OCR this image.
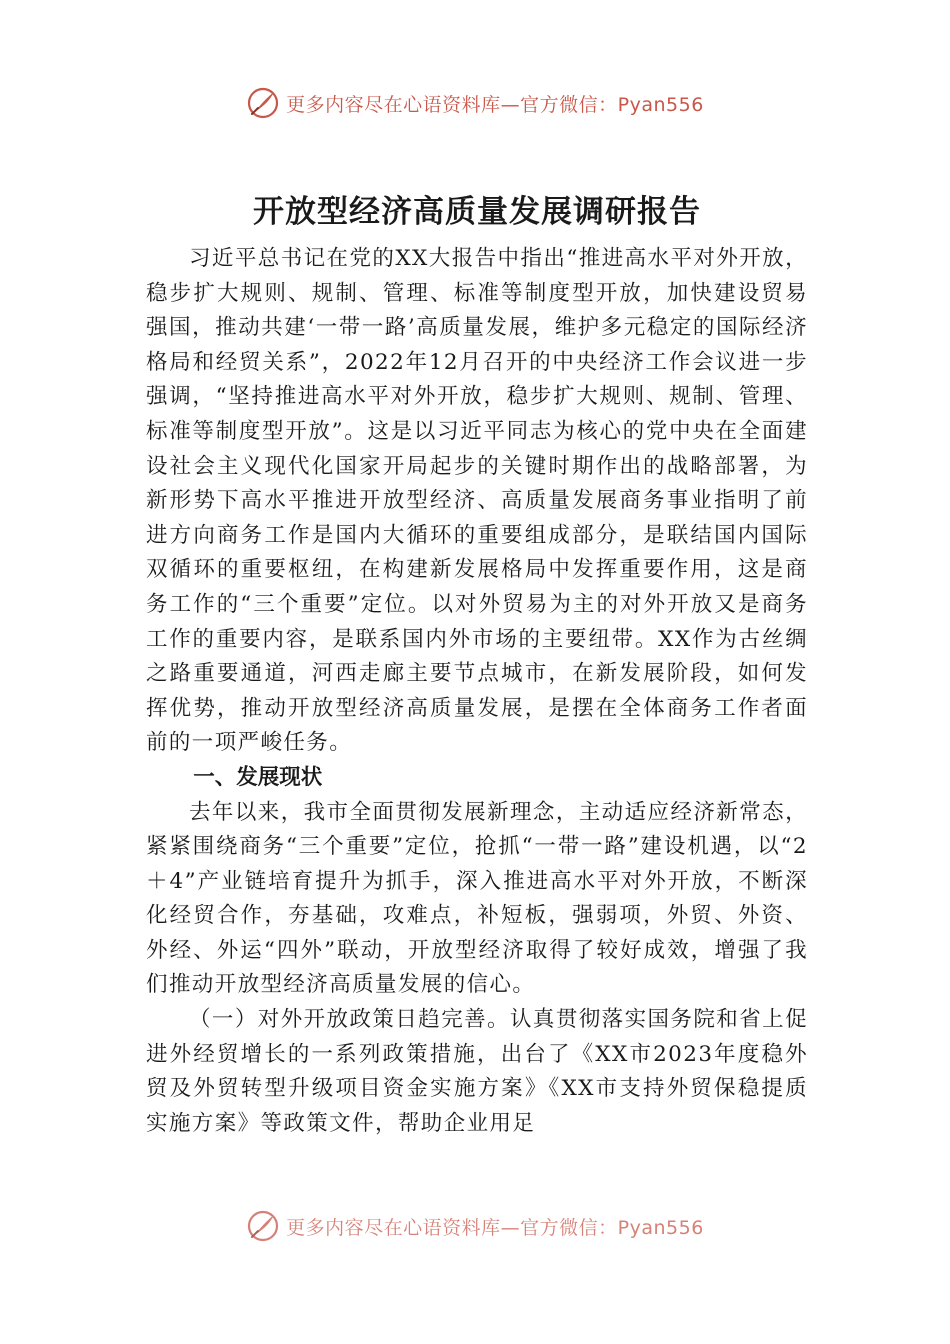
更多内容尽在心语资料库—官方微信：Pyan556
开放型经济高质量发展调研报告

习近平总书记在党的XX大报告中指出“推进高水平对外开放，稳步扩大规则、规制、管理、标准等制度型开放，加快建设贸易强国，推动共建‘一带一路’高质量发展，维护多元稳定的国际经济格局和经贸关系”，2022年12月召开的中央经济工作会议进一步强调，“坚持推进高水平对外开放，稳步扩大规则、规制、管理、标准等制度型开放”。这是以习近平同志为核心的党中央在全面建设社会主义现代化国家开局起步的关键时期作出的战略部署，为新形势下高水平推进开放型经济、高质量发展商务事业指明了前进方向商务工作是国内大循环的重要组成部分，是联结国内国际双循环的重要枢纽，在构建新发展格局中发挥重要作用，这是商务工作的“三个重要”定位。以对外贸易为主的对外开放又是商务工作的重要内容，是联系国内外市场的主要纽带。XX作为古丝绸之路重要通道，河西走廊主要节点城市，在新发展阶段，如何发挥优势，推动开放型经济高质量发展，是摆在全体商务工作者面前的一项严峻任务。

一、发展现状

去年以来，我市全面贯彻发展新理念，主动适应经济新常态，紧紧围绕商务“三个重要”定位，抢抓“一带一路”建设机遇，以“2＋4”产业链培育提升为抓手，深入推进高水平对外开放，不断深化经贸合作，夯基础，攻难点，补短板，强弱项，外贸、外资、外经、外运“四外”联动，开放型经济取得了较好成效，增强了我们推动开放型经济高质量发展的信心。

（一）对外开放政策日趋完善。认真贯彻落实国务院和省上促进外经贸增长的一系列政策措施，出台了《XX市2023年度稳外贸及外贸转型升级项目资金实施方案》《XX市支持外贸保稳提质实施方案》等政策文件，帮助企业用足

更多内容尽在心语资料库—官方微信：Pyan556
